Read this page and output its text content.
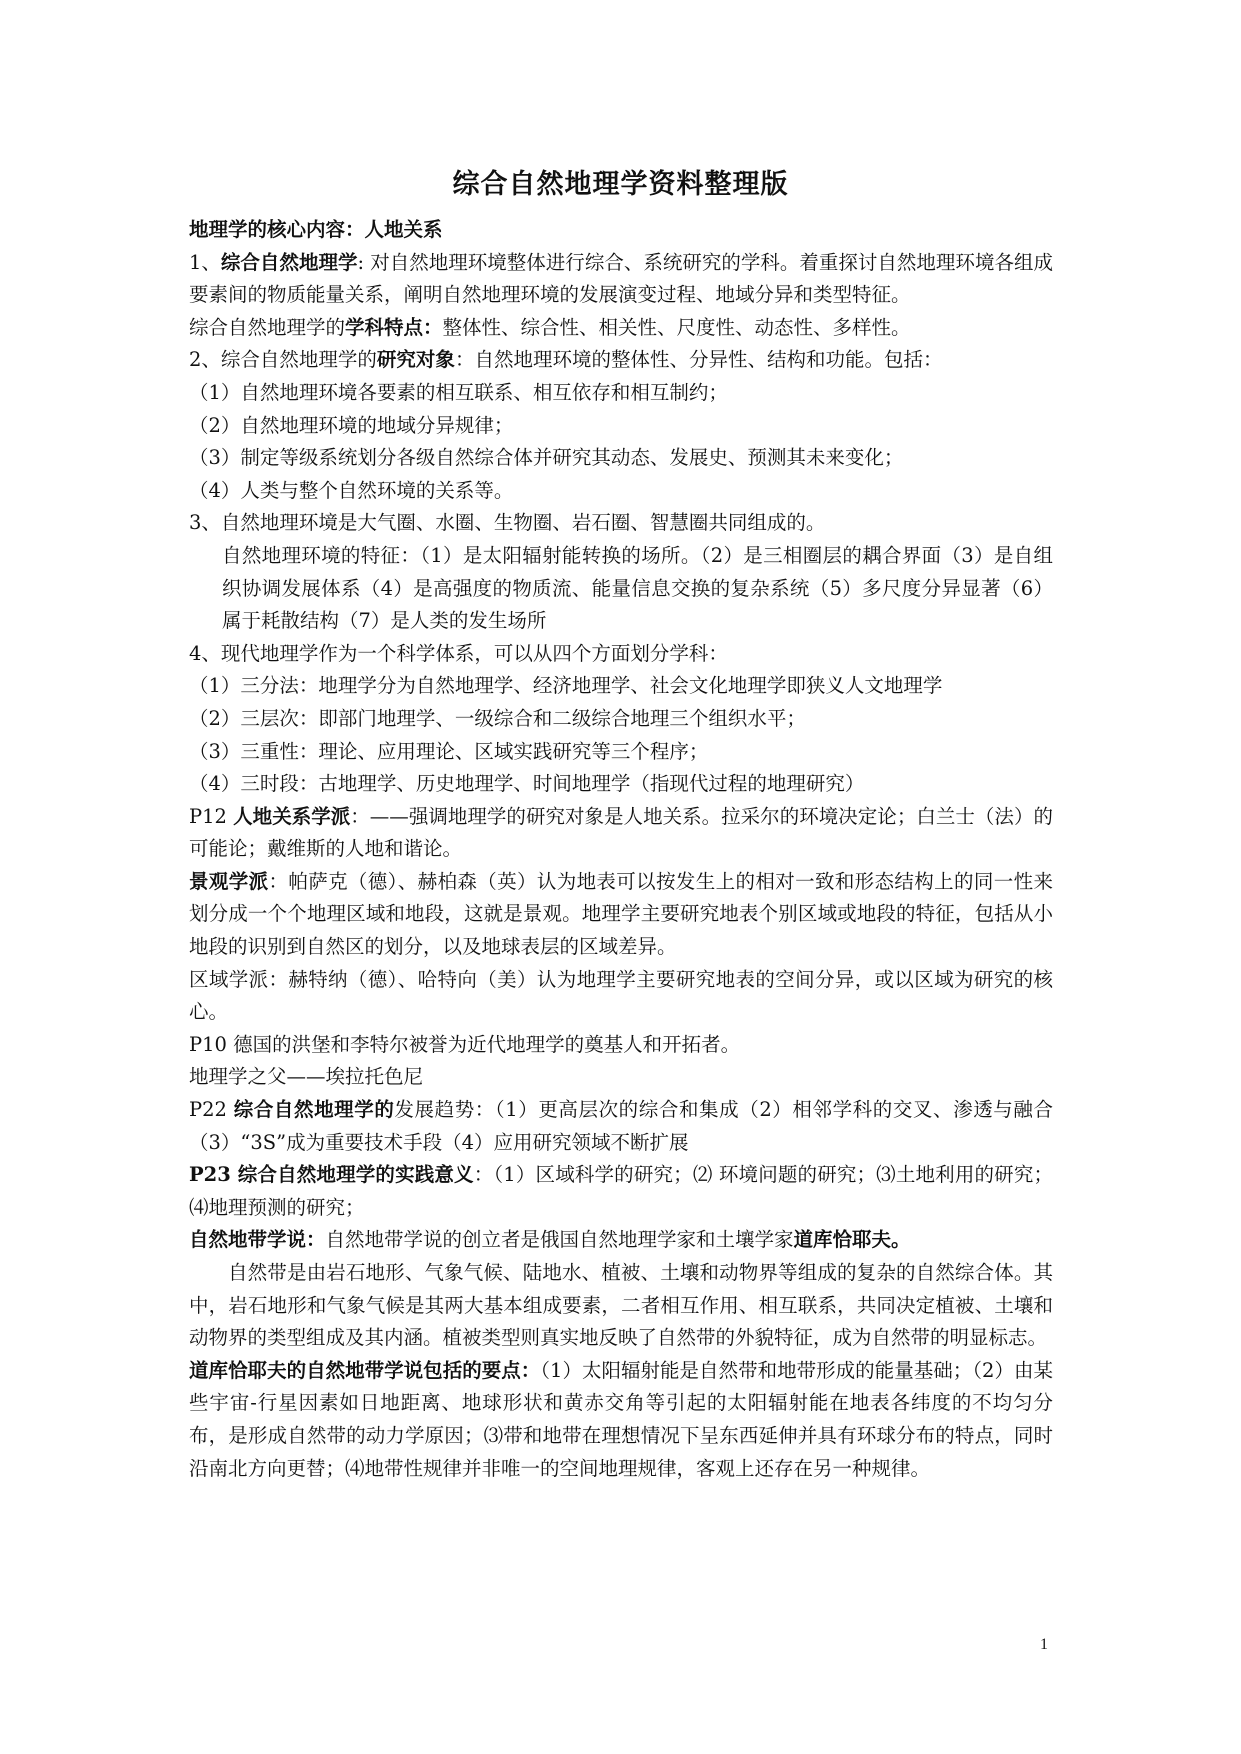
综合自然地理学资料整理版

地理学的核心内容：人地关系

1、综合自然地理学: 对自然地理环境整体进行综合、系统研究的学科。着重探讨自然地理环境各组成要素间的物质能量关系，阐明自然地理环境的发展演变过程、地域分异和类型特征。

综合自然地理学的学科特点：整体性、综合性、相关性、尺度性、动态性、多样性。

2、综合自然地理学的研究对象：自然地理环境的整体性、分异性、结构和功能。包括：

（1）自然地理环境各要素的相互联系、相互依存和相互制约；

（2）自然地理环境的地域分异规律；

（3）制定等级系统划分各级自然综合体并研究其动态、发展史、预测其未来变化；

（4）人类与整个自然环境的关系等。

3、自然地理环境是大气圈、水圈、生物圈、岩石圈、智慧圈共同组成的。

自然地理环境的特征：（1）是太阳辐射能转换的场所。（2）是三相圈层的耦合界面（3）是自组织协调发展体系（4）是高强度的物质流、能量信息交换的复杂系统（5）多尺度分异显著（6）属于耗散结构（7）是人类的发生场所

4、现代地理学作为一个科学体系，可以从四个方面划分学科：

（1）三分法：地理学分为自然地理学、经济地理学、社会文化地理学即狭义人文地理学

（2）三层次：即部门地理学、一级综合和二级综合地理三个组织水平；

（3）三重性：理论、应用理论、区域实践研究等三个程序；

（4）三时段：古地理学、历史地理学、时间地理学（指现代过程的地理研究）

P12 人地关系学派：——强调地理学的研究对象是人地关系。拉采尔的环境决定论；白兰士（法）的可能论；戴维斯的人地和谐论。

景观学派：帕萨克（德）、赫柏森（英）认为地表可以按发生上的相对一致和形态结构上的同一性来划分成一个个地理区域和地段，这就是景观。地理学主要研究地表个别区域或地段的特征，包括从小地段的识别到自然区的划分，以及地球表层的区域差异。

区域学派：赫特纳（德）、哈特向（美）认为地理学主要研究地表的空间分异，或以区域为研究的核心。

P10 德国的洪堡和李特尔被誉为近代地理学的奠基人和开拓者。

地理学之父——埃拉托色尼

P22 综合自然地理学的发展趋势：（1）更高层次的综合和集成（2）相邻学科的交叉、渗透与融合（3）“3S”成为重要技术手段（4）应用研究领域不断扩展

P23 综合自然地理学的实践意义：（1）区域科学的研究；⑵ 环境问题的研究；⑶土地利用的研究；⑷地理预测的研究；

自然地带学说：自然地带学说的创立者是俄国自然地理学家和土壤学家道库恰耶夫。

自然带是由岩石地形、气象气候、陆地水、植被、土壤和动物界等组成的复杂的自然综合体。其中，岩石地形和气象气候是其两大基本组成要素，二者相互作用、相互联系，共同决定植被、土壤和动物界的类型组成及其内涵。植被类型则真实地反映了自然带的外貌特征，成为自然带的明显标志。

道库恰耶夫的自然地带学说包括的要点：（1）太阳辐射能是自然带和地带形成的能量基础；（2）由某些宇宙-行星因素如日地距离、地球形状和黄赤交角等引起的太阳辐射能在地表各纬度的不均匀分布，是形成自然带的动力学原因；⑶带和地带在理想情况下呈东西延伸并具有环球分布的特点，同时沿南北方向更替；⑷地带性规律并非唯一的空间地理规律，客观上还存在另一种规律。

1
